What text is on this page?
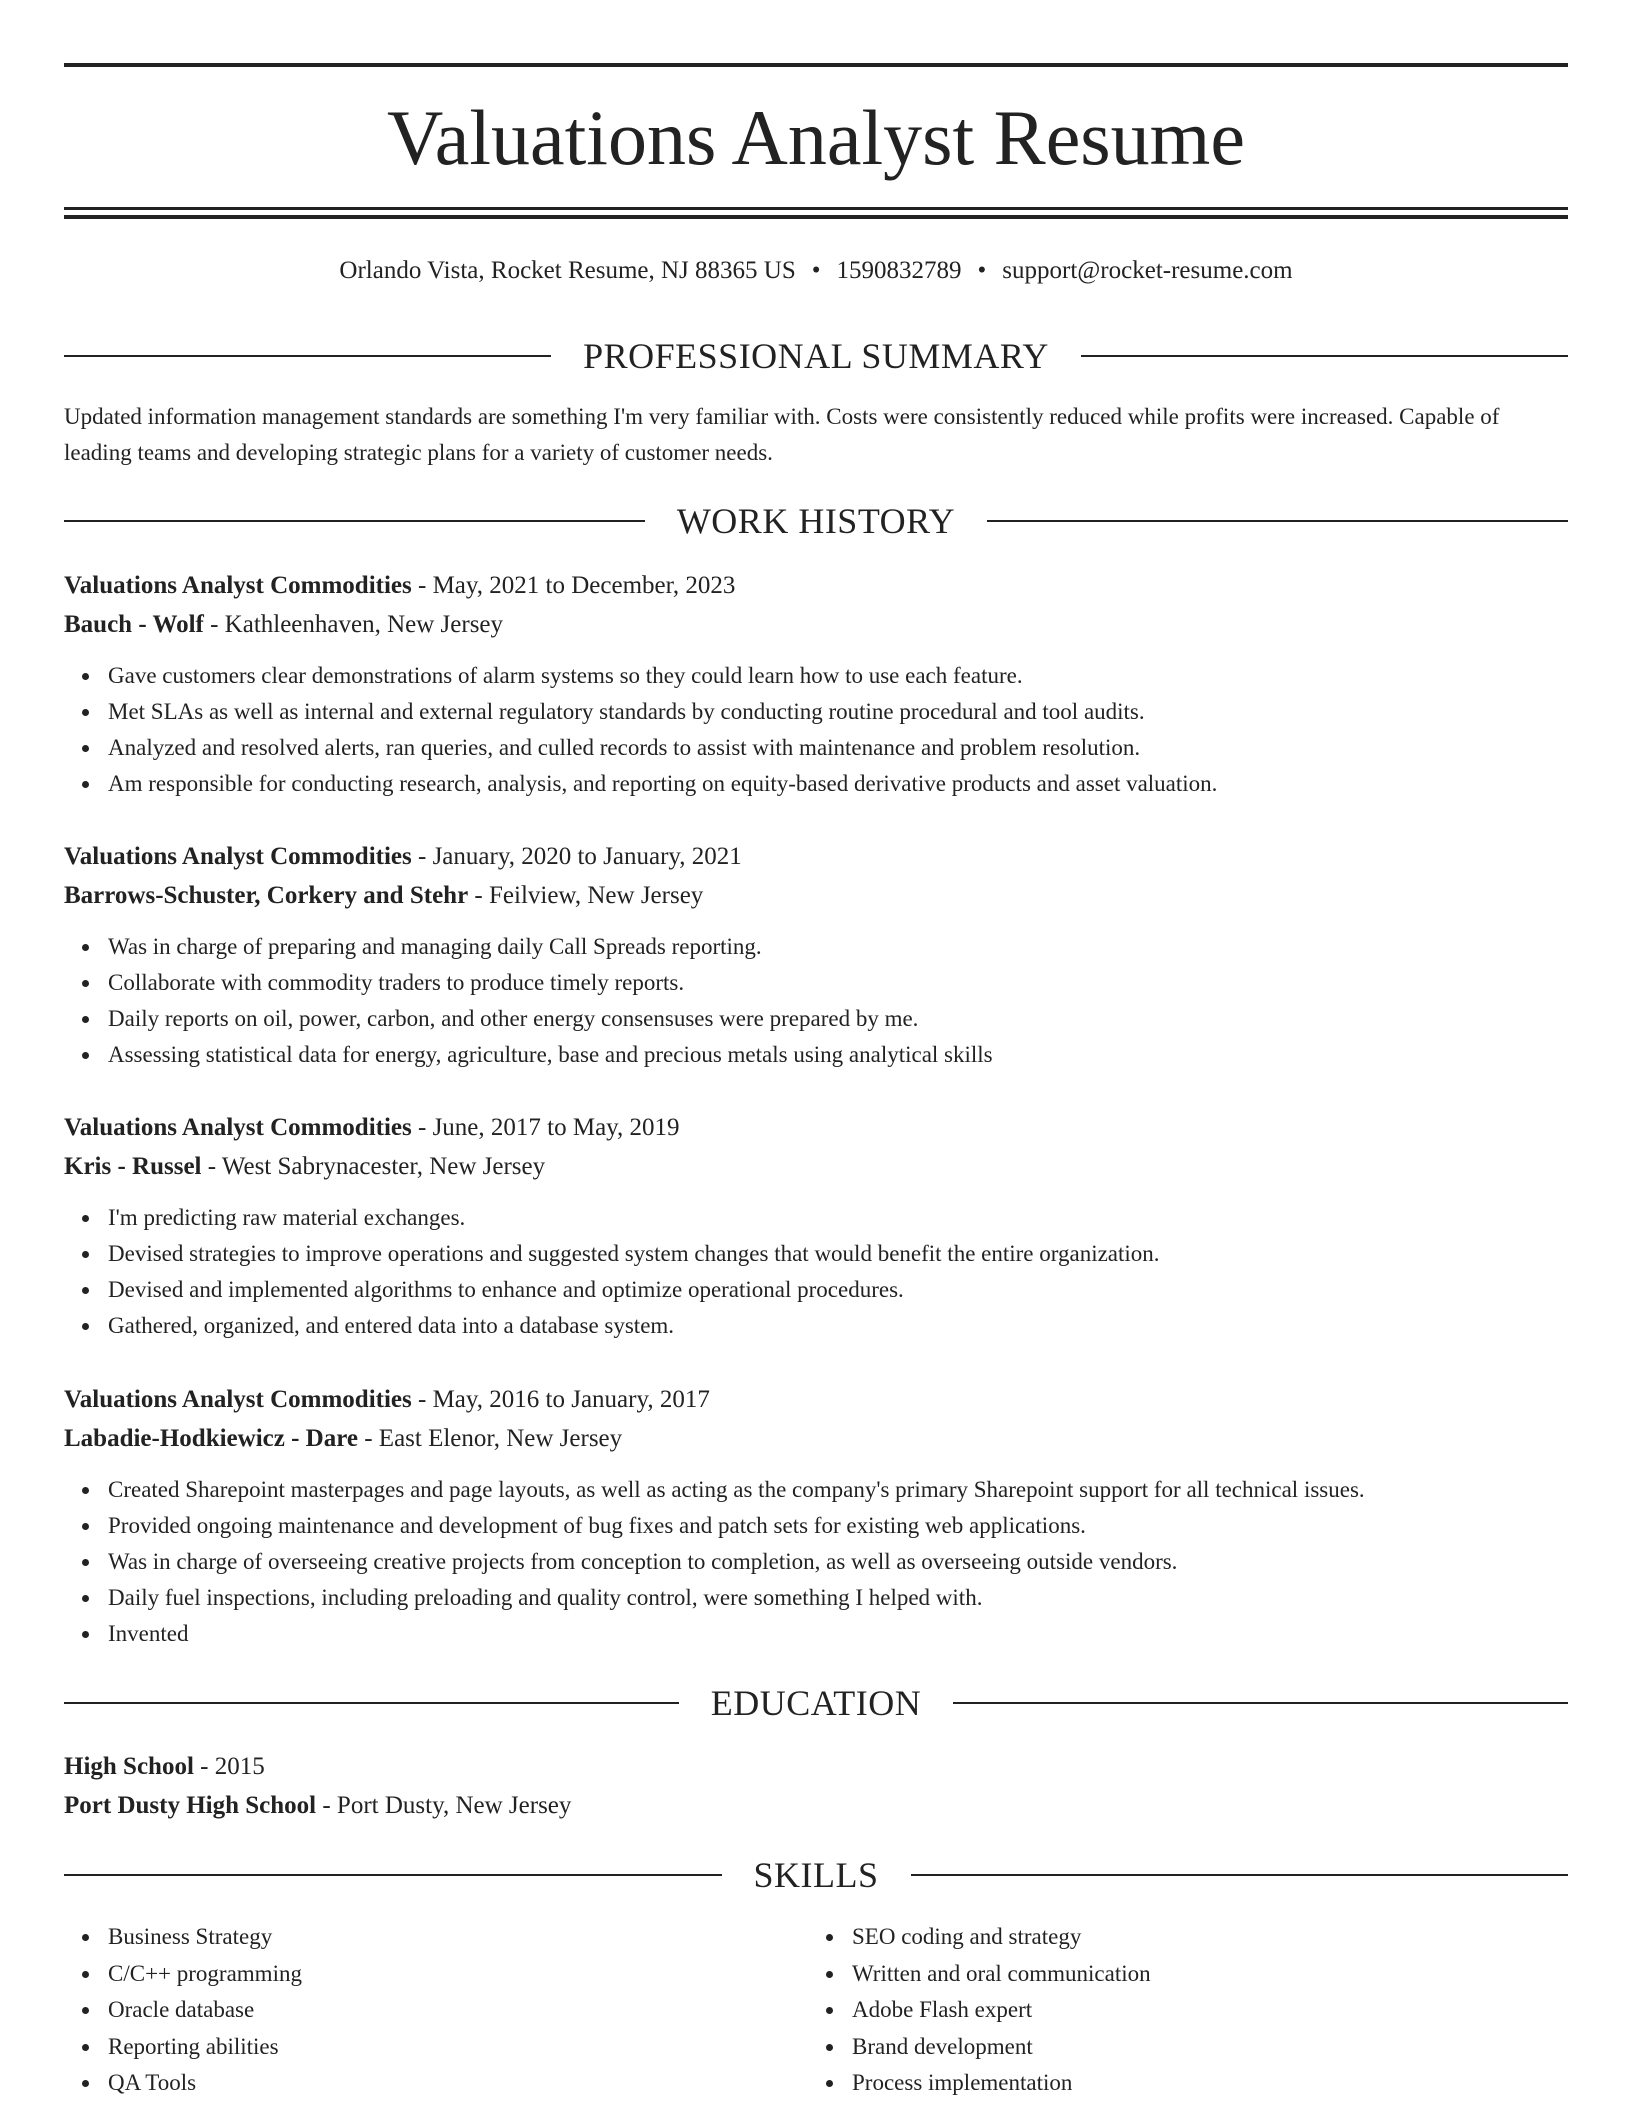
Valuations Analyst Resume
Orlando Vista, Rocket Resume, NJ 88365 US • 1590832789 • support@rocket-resume.com
PROFESSIONAL SUMMARY
Updated information management standards are something I'm very familiar with. Costs were consistently reduced while profits were increased. Capable of leading teams and developing strategic plans for a variety of customer needs.
WORK HISTORY
Valuations Analyst Commodities - May, 2021 to December, 2023
Bauch - Wolf - Kathleenhaven, New Jersey
Gave customers clear demonstrations of alarm systems so they could learn how to use each feature.
Met SLAs as well as internal and external regulatory standards by conducting routine procedural and tool audits.
Analyzed and resolved alerts, ran queries, and culled records to assist with maintenance and problem resolution.
Am responsible for conducting research, analysis, and reporting on equity-based derivative products and asset valuation.
Valuations Analyst Commodities - January, 2020 to January, 2021
Barrows-Schuster, Corkery and Stehr - Feilview, New Jersey
Was in charge of preparing and managing daily Call Spreads reporting.
Collaborate with commodity traders to produce timely reports.
Daily reports on oil, power, carbon, and other energy consensuses were prepared by me.
Assessing statistical data for energy, agriculture, base and precious metals using analytical skills
Valuations Analyst Commodities - June, 2017 to May, 2019
Kris - Russel - West Sabrynacester, New Jersey
I'm predicting raw material exchanges.
Devised strategies to improve operations and suggested system changes that would benefit the entire organization.
Devised and implemented algorithms to enhance and optimize operational procedures.
Gathered, organized, and entered data into a database system.
Valuations Analyst Commodities - May, 2016 to January, 2017
Labadie-Hodkiewicz - Dare - East Elenor, New Jersey
Created Sharepoint masterpages and page layouts, as well as acting as the company's primary Sharepoint support for all technical issues.
Provided ongoing maintenance and development of bug fixes and patch sets for existing web applications.
Was in charge of overseeing creative projects from conception to completion, as well as overseeing outside vendors.
Daily fuel inspections, including preloading and quality control, were something I helped with.
Invented
EDUCATION
High School - 2015
Port Dusty High School - Port Dusty, New Jersey
SKILLS
Business Strategy
C/C++ programming
Oracle database
Reporting abilities
QA Tools
SEO coding and strategy
Written and oral communication
Adobe Flash expert
Brand development
Process implementation
